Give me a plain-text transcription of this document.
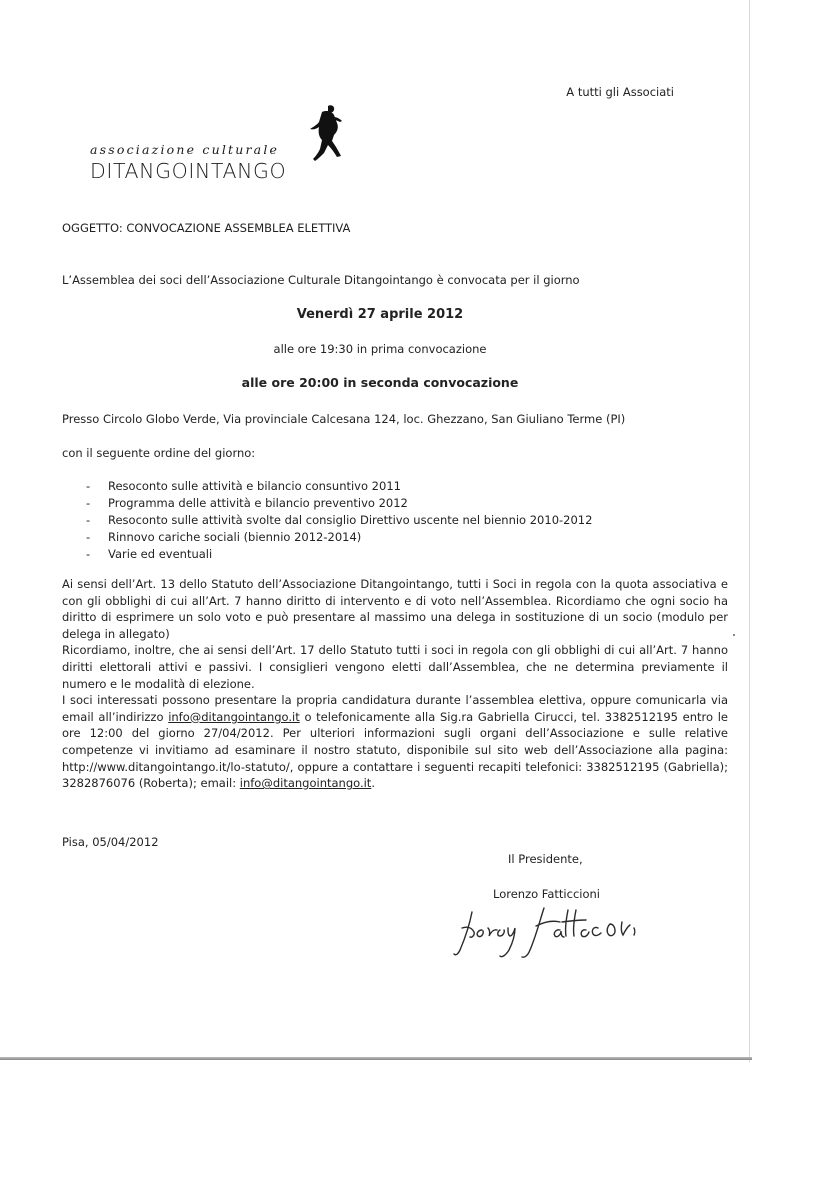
A tutti gli Associati
associazione culturale
DITANGOINTANGO
OGGETTO: CONVOCAZIONE ASSEMBLEA ELETTIVA
L’Assemblea dei soci dell’Associazione Culturale Ditangointango è convocata per il giorno
Venerdì 27 aprile 2012
alle ore 19:30 in prima convocazione
alle ore 20:00 in seconda convocazione
Presso Circolo Globo Verde, Via provinciale Calcesana 124, loc. Ghezzano, San Giuliano Terme (PI)
con il seguente ordine del giorno:
- Resoconto sulle attività e bilancio consuntivo 2011
- Programma delle attività e bilancio preventivo 2012
- Resoconto sulle attività svolte dal consiglio Direttivo uscente nel biennio 2010-2012
- Rinnovo cariche sociali (biennio 2012-2014)
- Varie ed eventuali

Ai sensi dell’Art. 13 dello Statuto dell’Associazione Ditangointango, tutti i Soci in regola con la quota associativa e con gli obblighi di cui all’Art. 7 hanno diritto di intervento e di voto nell’Assemblea. Ricordiamo che ogni socio ha diritto di esprimere un solo voto e può presentare al massimo una delega in sostituzione di un socio (modulo per delega in allegato)

Ricordiamo, inoltre, che ai sensi dell’Art. 17 dello Statuto tutti i soci in regola con gli obblighi di cui all’Art. 7 hanno diritti elettorali attivi e passivi. I consiglieri vengono eletti dall’Assemblea, che ne determina previamente il numero e le modalità di elezione.

I soci interessati possono presentare la propria candidatura durante l’assemblea elettiva, oppure comunicarla via email all’indirizzo info@ditangointango.it o telefonicamente alla Sig.ra Gabriella Cirucci, tel. 3382512195 entro le ore 12:00 del giorno 27/04/2012. Per ulteriori informazioni sugli organi dell’Associazione e sulle relative competenze vi invitiamo ad esaminare il nostro statuto, disponibile sul sito web dell’Associazione alla pagina: http://www.ditangointango.it/lo-statuto/, oppure a contattare i seguenti recapiti telefonici: 3382512195 (Gabriella); 3282876076 (Roberta); email: info@ditangointango.it.

Pisa, 05/04/2012
Il Presidente,
Lorenzo Fatticcioni
